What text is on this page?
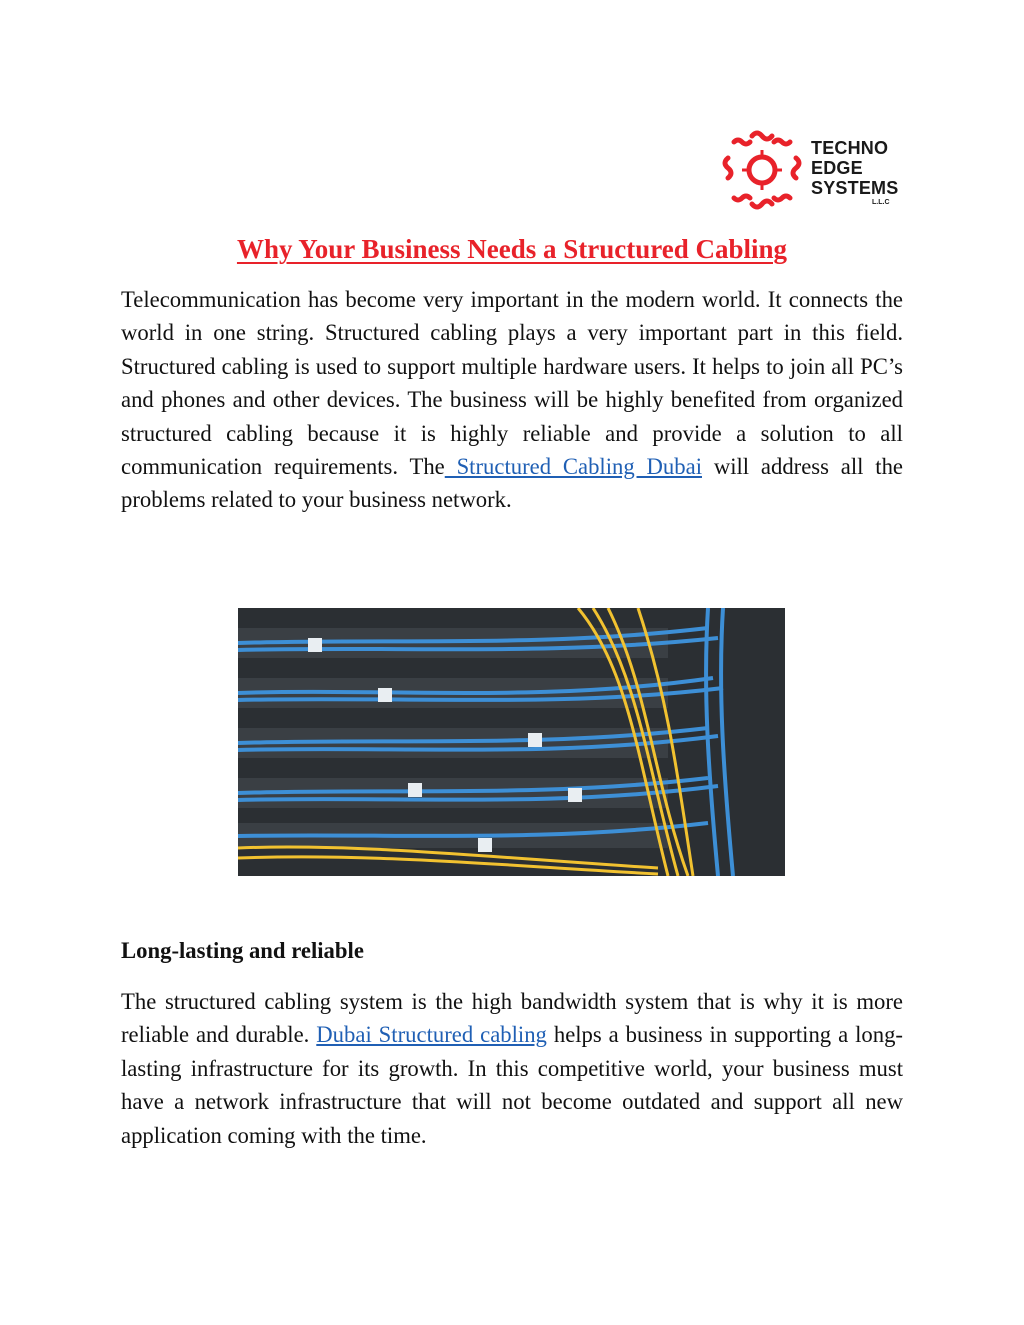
TECHNO
EDGE
SYSTEMS
L.L.C
Why Your Business Needs a Structured Cabling

Telecommunication has become very important in the modern world. It connects the world in one string. Structured cabling plays a very important part in this field. Structured cabling is used to support multiple hardware users. It helps to join all PC’s and phones and other devices. The business will be highly benefited from organized structured cabling because it is highly reliable and provide a solution to all communication requirements. The Structured Cabling Dubai will address all the problems related to your business network.

Long-lasting and reliable

The structured cabling system is the high bandwidth system that is why it is more reliable and durable. Dubai Structured cabling helps a business in supporting a long-lasting infrastructure for its growth. In this competitive world, your business must have a network infrastructure that will not become outdated and support all new application coming with the time.
